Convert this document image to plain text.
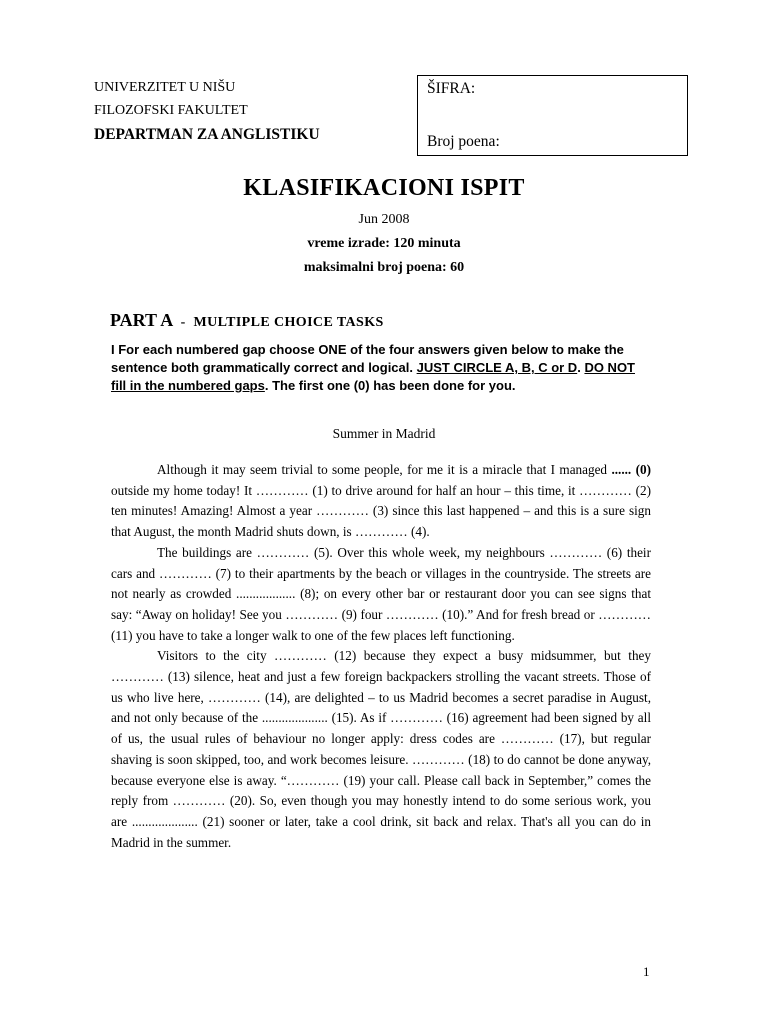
UNIVERZITET U NIŠU
FILOZOFSKI FAKULTET
DEPARTMAN ZA ANGLISTIKU
ŠIFRA:
Broj poena:
KLASIFIKACIONI ISPIT
Jun 2008
vreme izrade: 120 minuta
maksimalni broj poena: 60
PART A - MULTIPLE CHOICE TASKS
I For each numbered gap choose ONE of the four answers given below to make the sentence both grammatically correct and logical. JUST CIRCLE A, B, C or D. DO NOT fill in the numbered gaps. The first one (0) has been done for you.
Summer in Madrid

Although it may seem trivial to some people, for me it is a miracle that I managed ...... (0) outside my home today! It ………… (1) to drive around for half an hour – this time, it ………… (2) ten minutes! Amazing! Almost a year ………… (3) since this last happened – and this is a sure sign that August, the month Madrid shuts down, is ………… (4).

The buildings are ………… (5). Over this whole week, my neighbours ………… (6) their cars and ………… (7) to their apartments by the beach or villages in the countryside. The streets are not nearly as crowded .................. (8); on every other bar or restaurant door you can see signs that say: “Away on holiday! See you ………… (9) four ………… (10).” And for fresh bread or ………… (11) you have to take a longer walk to one of the few places left functioning.

Visitors to the city ………… (12) because they expect a busy midsummer, but they ………… (13) silence, heat and just a few foreign backpackers strolling the vacant streets. Those of us who live here, ………… (14), are delighted – to us Madrid becomes a secret paradise in August, and not only because of the .................... (15). As if ………… (16) agreement had been signed by all of us, the usual rules of behaviour no longer apply: dress codes are ………… (17), but regular shaving is soon skipped, too, and work becomes leisure. ………… (18) to do cannot be done anyway, because everyone else is away. “………… (19) your call. Please call back in September,” comes the reply from ………… (20). So, even though you may honestly intend to do some serious work, you are .................... (21) sooner or later, take a cool drink, sit back and relax. That's all you can do in Madrid in the summer.

1
